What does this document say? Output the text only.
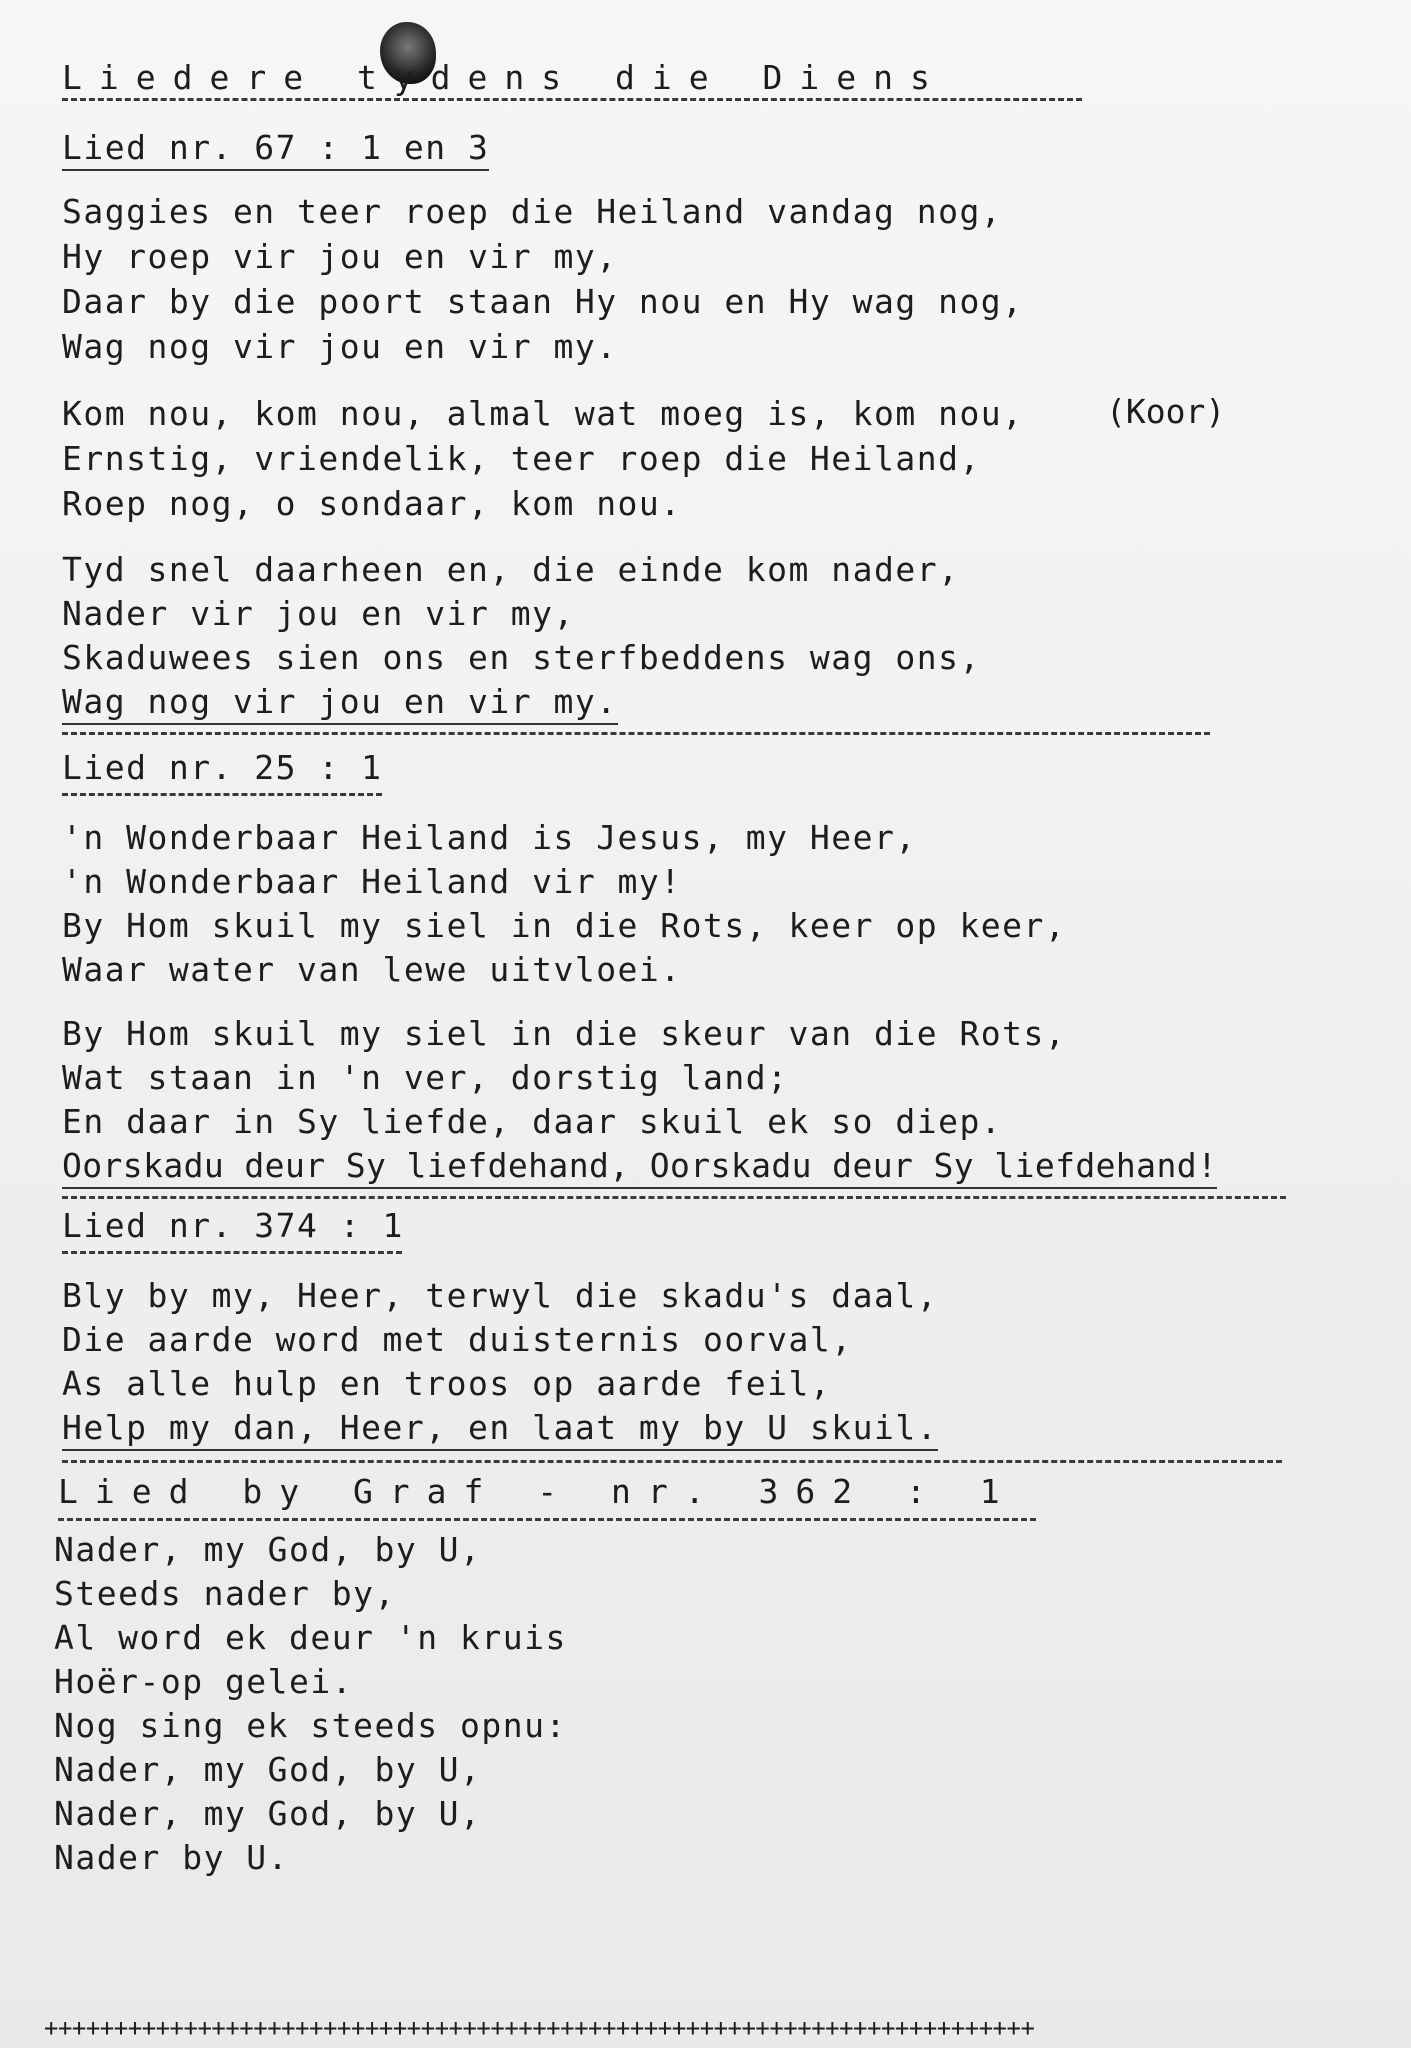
Liedere tydens die Diens
Lied nr. 67 : 1 en 3
Saggies en teer roep die Heiland vandag nog,
Hy roep vir jou en vir my,
Daar by die poort staan Hy nou en Hy wag nog,
Wag nog vir jou en vir my.
Kom nou, kom nou, almal wat moeg is, kom nou, (Koor)
Ernstig, vriendelik, teer roep die Heiland,
Roep nog, o sondaar, kom nou.
Tyd snel daarheen en, die einde kom nader,
Nader vir jou en vir my,
Skaduwees sien ons en sterfbeddens wag ons,
Wag nog vir jou en vir my.
Lied nr. 25 : 1
'n Wonderbaar Heiland is Jesus, my Heer,
'n Wonderbaar Heiland vir my!
By Hom skuil my siel in die Rots, keer op keer,
Waar water van lewe uitvloei.
By Hom skuil my siel in die skeur van die Rots,
Wat staan in 'n ver, dorstig land;
En daar in Sy liefde, daar skuil ek so diep.
Oorskadu deur Sy liefdehand, Oorskadu deur Sy liefdehand!
Lied nr. 374 : 1
Bly by my, Heer, terwyl die skadu's daal,
Die aarde word met duisternis oorval,
As alle hulp en troos op aarde feil,
Help my dan, Heer, en laat my by U skuil.
Lied by Graf - nr. 362 : 1
Nader, my God, by U,
Steeds nader by,
Al word ek deur 'n kruis
Hoër-op gelei.
Nog sing ek steeds opnu:
Nader, my God, by U,
Nader, my God, by U,
Nader by U.
+++++++++++++++++++++++++++++++++++++++++++++++++++++++++++++++++++++++
